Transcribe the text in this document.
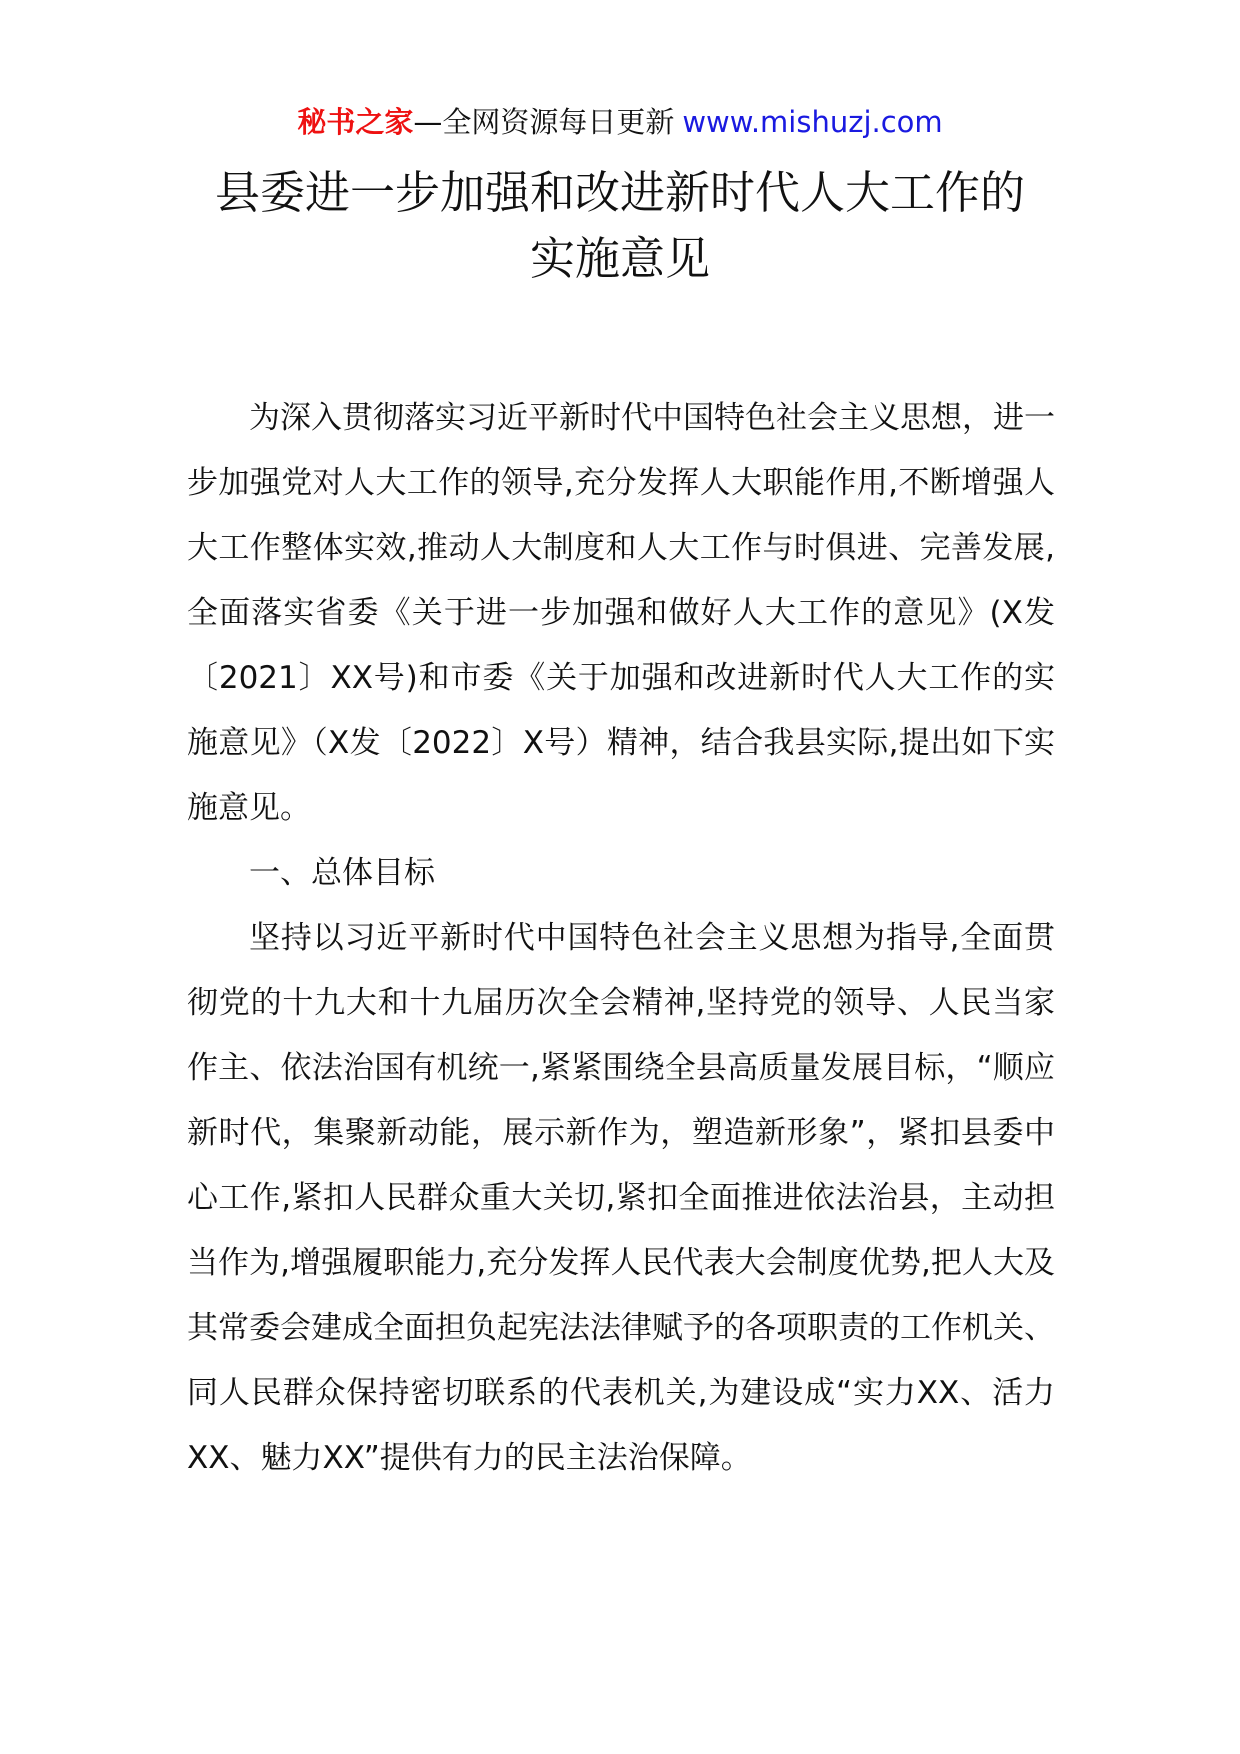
秘书之家—全网资源每日更新 www.mishuzj.com
县委进一步加强和改进新时代人大工作的
实施意见

为深入贯彻落实习近平新时代中国特色社会主义思想，进一步加强党对人大工作的领导,充分发挥人大职能作用,不断增强人大工作整体实效,推动人大制度和人大工作与时俱进、完善发展,全面落实省委《关于进一步加强和做好人大工作的意见》(X发〔2021〕XX号)和市委《关于加强和改进新时代人大工作的实施意见》（X发〔2022〕X号）精神，结合我县实际,提出如下实施意见。

一、总体目标

坚持以习近平新时代中国特色社会主义思想为指导,全面贯彻党的十九大和十九届历次全会精神,坚持党的领导、人民当家作主、依法治国有机统一,紧紧围绕全县高质量发展目标，“顺应新时代，集聚新动能，展示新作为，塑造新形象”，紧扣县委中心工作,紧扣人民群众重大关切,紧扣全面推进依法治县，主动担当作为,增强履职能力,充分发挥人民代表大会制度优势,把人大及其常委会建成全面担负起宪法法律赋予的各项职责的工作机关、同人民群众保持密切联系的代表机关,为建设成“实力XX、活力XX、魅力XX”提供有力的民主法治保障。
